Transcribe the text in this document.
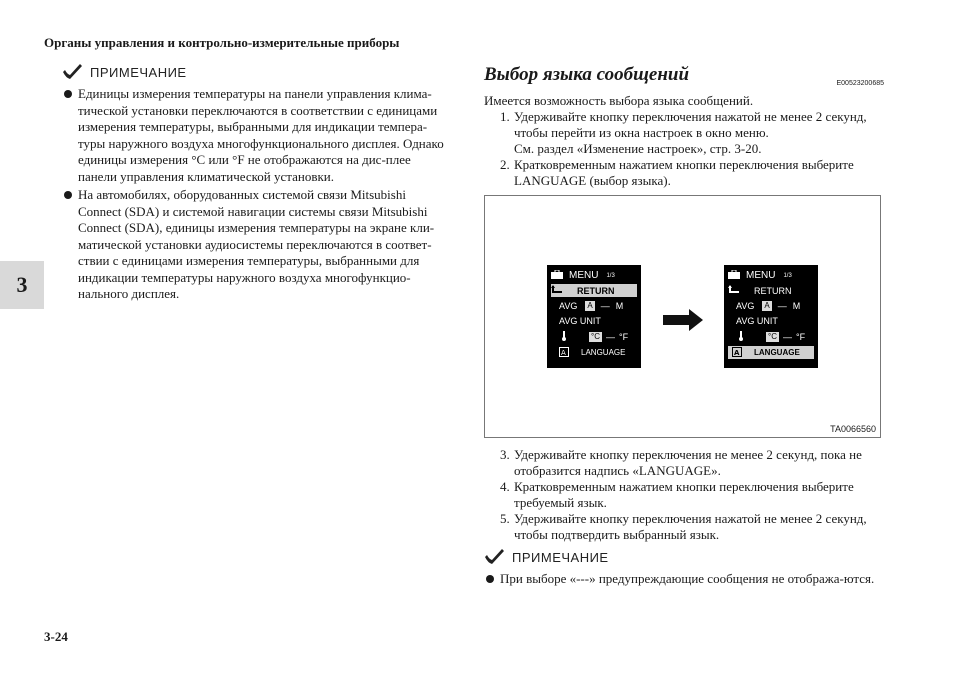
Органы управления и контрольно-измерительные приборы
3
ПРИМЕЧАНИЕ
Единицы измерения температуры на панели управления клима-тической установки переключаются в соответствии с единицами измерения температуры, выбранными для индикации темпера-туры наружного воздуха многофункционального дисплея. Однако единицы измерения °C или °F не отображаются на дис-плее панели управления климатической установки.
На автомобилях, оборудованных системой связи Mitsubishi Connect (SDA) и системой навигации системы связи Mitsubishi Connect (SDA), единицы измерения температуры на экране кли-матической установки аудиосистемы переключаются в соответ-ствии с единицами измерения температуры, выбранными для индикации температуры наружного воздуха многофункцио-нального дисплея.
Выбор языка сообщений	E00523200685
Имеется возможность выбора языка сообщений.
1. Удерживайте кнопку переключения нажатой не менее 2 секунд, чтобы перейти из окна настроек в окно меню.
См. раздел «Изменение настроек», стр. 3-20.
2. Кратковременным нажатием кнопки переключения выберите LANGUAGE (выбор языка).
MENU 1/3
RETURN
AVG A — M
AVG UNIT
°C — °F
A LANGUAGE
MENU 1/3
RETURN
AVG A — M
AVG UNIT
°C — °F
A LANGUAGE
TA0066560
3. Удерживайте кнопку переключения не менее 2 секунд, пока не отобразится надпись «LANGUAGE».
4. Кратковременным нажатием кнопки переключения выберите требуемый язык.
5. Удерживайте кнопку переключения нажатой не менее 2 секунд, чтобы подтвердить выбранный язык.
ПРИМЕЧАНИЕ
При выборе «---» предупреждающие сообщения не отобража-ются.
3-24
